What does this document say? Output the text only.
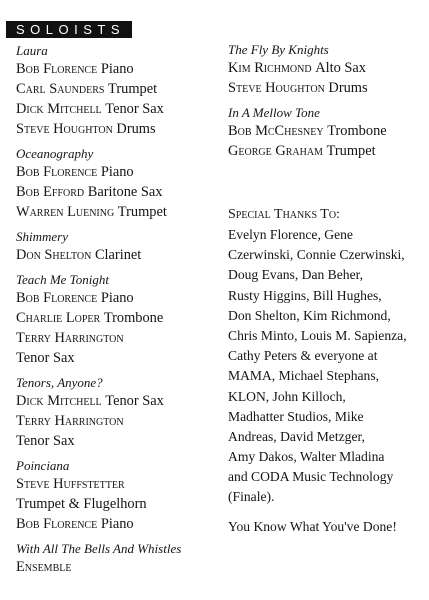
SOLOISTS
Laura
Bob Florence Piano
Carl Saunders Trumpet
Dick Mitchell Tenor Sax
Steve Houghton Drums
Oceanography
Bob Florence Piano
Bob Efford Baritone Sax
Warren Luening Trumpet
Shimmery
Don Shelton Clarinet
Teach Me Tonight
Bob Florence Piano
Charlie Loper Trombone
Terry Harrington
Tenor Sax
Tenors, Anyone?
Dick Mitchell Tenor Sax
Terry Harrington
Tenor Sax
Poinciana
Steve Huffstetter
Trumpet & Flugelhorn
Bob Florence Piano
With All The Bells And Whistles
Ensemble
The Fly By Knights
Kim Richmond Alto Sax
Steve Houghton Drums
In A Mellow Tone
Bob McChesney Trombone
George Graham Trumpet
Special Thanks To:
Evelyn Florence, Gene
Czerwinski, Connie Czerwinski,
Doug Evans, Dan Beher,
Rusty Higgins, Bill Hughes,
Don Shelton, Kim Richmond,
Chris Minto, Louis M. Sapienza,
Cathy Peters & everyone at
MAMA, Michael Stephans,
KLON, John Killoch,
Madhatter Studios, Mike
Andreas, David Metzger,
Amy Dakos, Walter Mladina
and CODA Music Technology
(Finale).
You Know What You've Done!
